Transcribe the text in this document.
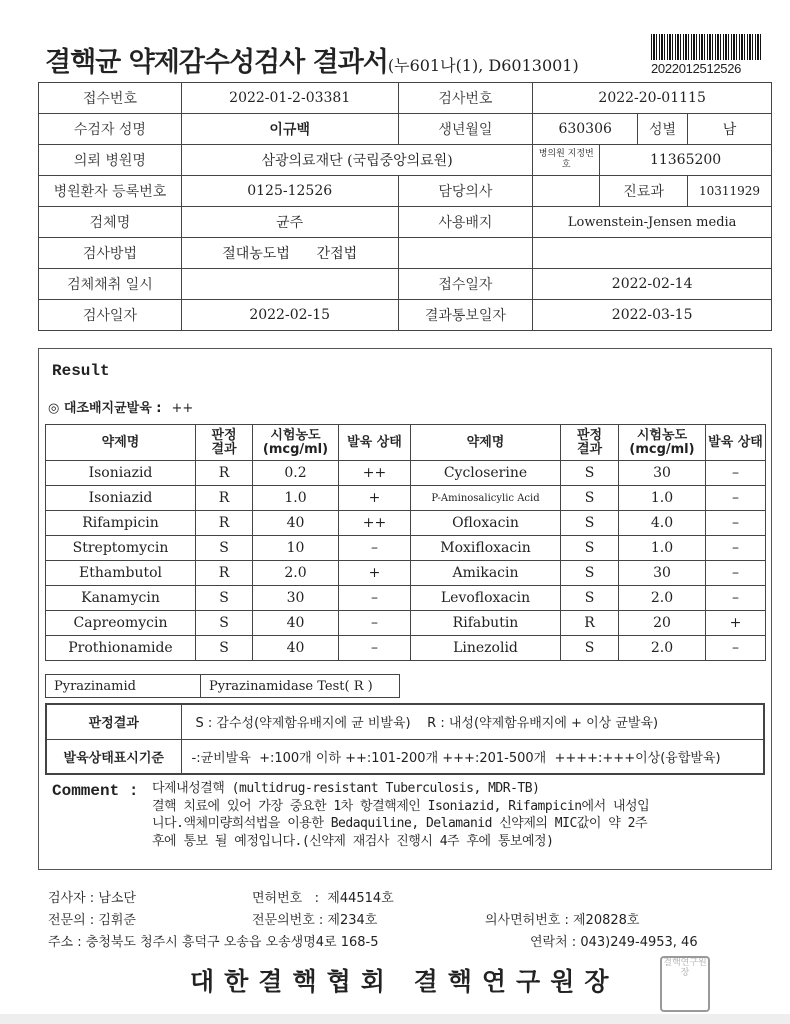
결핵균 약제감수성검사 결과서(누601나(1), D6013001)	2022012512526
접수번호	2022-01-2-03381	검사번호	2022-20-01115			
수검자 성명	이규백	생년월일	630306		성별	남
의뢰 병원명	삼광의료재단 (국립중앙의료원)		병의원 지정번호	11365200		
병원환자 등록번호	0125-12526	담당의사		진료과		10311929
검체명	균주	사용배지	Lowenstein-Jensen media			
검사방법	절대농도법 간접법					
검체채취 일시		접수일자	2022-02-14			
검사일자	2022-02-15	결과통보일자	2022-03-15			
Result
◎ 대조배지균발육 : ++
약제명	판정 결과	시험농도 (mcg/ml)	발육 상태	약제명	판정 결과	시험농도 (mcg/ml)	발육 상태
Isoniazid	R	0.2	++	Cycloserine	S	30	–
Isoniazid	R	1.0	+	P-Aminosalicylic Acid	S	1.0	–
Rifampicin	R	40	++	Ofloxacin	S	4.0	–
Streptomycin	S	10	–	Moxifloxacin	S	1.0	–
Ethambutol	R	2.0	+	Amikacin	S	30	–
Kanamycin	S	30	–	Levofloxacin	S	2.0	–
Capreomycin	S	40	–	Rifabutin	R	20	+
Prothionamide	S	40	–	Linezolid	S	2.0	–
Pyrazinamid	Pyrazinamidase Test( R )
판정결과	S : 감수성(약제함유배지에 균 비발육) R : 내성(약제함유배지에 + 이상 균발육)
발육상태표시기준	-:균비발육  +:100개 이하 ++:101-200개 +++:201-500개  ++++:+++이상(융합발육)
Comment : 다제내성결핵 (multidrug-resistant Tuberculosis, MDR-TB)
결핵 치료에 있어 가장 중요한 1차 항결핵제인 Isoniazid, Rifampicin에서 내성입
니다.액체미량희석법을 이용한 Bedaquiline, Delamanid 신약제의 MIC값이 약 2주
후에 통보 될 예정입니다.(신약제 재검사 진행시 4주 후에 통보예정)
검사자 : 남소단	면허번호   :  제44514호
전문의 : 김휘준	전문의번호 : 제234호	의사면허번호 : 제20828호
주소 : 충청북도 청주시 흥덕구 오송읍 오송생명4로 168-5	연락처 : 043)249-4953, 46
대한결핵협회 결핵연구원장
결핵연구원장
